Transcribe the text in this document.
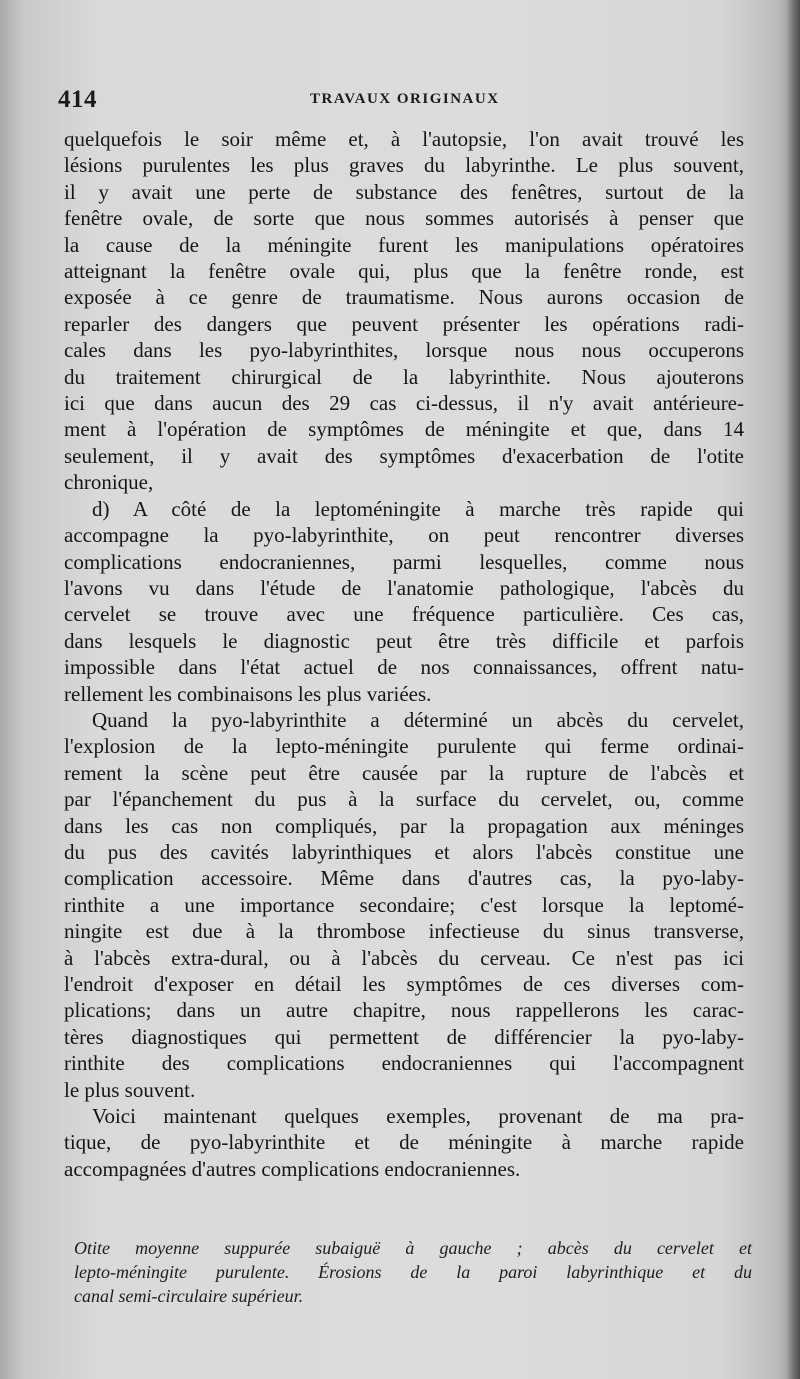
414	TRAVAUX ORIGINAUX

quelquefois le soir même et, à l'autopsie, l'on avait trouvé les
lésions purulentes les plus graves du labyrinthe. Le plus souvent,
il y avait une perte de substance des fenêtres, surtout de la
fenêtre ovale, de sorte que nous sommes autorisés à penser que
la cause de la méningite furent les manipulations opératoires
atteignant la fenêtre ovale qui, plus que la fenêtre ronde, est
exposée à ce genre de traumatisme. Nous aurons occasion de
reparler des dangers que peuvent présenter les opérations radi-
cales dans les pyo-labyrinthites, lorsque nous nous occuperons
du traitement chirurgical de la labyrinthite. Nous ajouterons
ici que dans aucun des 29 cas ci-dessus, il n'y avait antérieure-
ment à l'opération de symptômes de méningite et que, dans 14
seulement, il y avait des symptômes d'exacerbation de l'otite
chronique,

d) A côté de la leptoméningite à marche très rapide qui
accompagne la pyo-labyrinthite, on peut rencontrer diverses
complications endocraniennes, parmi lesquelles, comme nous
l'avons vu dans l'étude de l'anatomie pathologique, l'abcès du
cervelet se trouve avec une fréquence particulière. Ces cas,
dans lesquels le diagnostic peut être très difficile et parfois
impossible dans l'état actuel de nos connaissances, offrent natu-
rellement les combinaisons les plus variées.

Quand la pyo-labyrinthite a déterminé un abcès du cervelet,
l'explosion de la lepto-méningite purulente qui ferme ordinai-
rement la scène peut être causée par la rupture de l'abcès et
par l'épanchement du pus à la surface du cervelet, ou, comme
dans les cas non compliqués, par la propagation aux méninges
du pus des cavités labyrinthiques et alors l'abcès constitue une
complication accessoire. Même dans d'autres cas, la pyo-laby-
rinthite a une importance secondaire; c'est lorsque la leptomé-
ningite est due à la thrombose infectieuse du sinus transverse,
à l'abcès extra-dural, ou à l'abcès du cerveau. Ce n'est pas ici
l'endroit d'exposer en détail les symptômes de ces diverses com-
plications; dans un autre chapitre, nous rappellerons les carac-
tères diagnostiques qui permettent de différencier la pyo-laby-
rinthite des complications endocraniennes qui l'accompagnent
le plus souvent.

Voici maintenant quelques exemples, provenant de ma pra-
tique, de pyo-labyrinthite et de méningite à marche rapide
accompagnées d'autres complications endocraniennes.

Otite moyenne suppurée subaiguë à gauche ; abcès du cervelet et
lepto-méningite purulente. Érosions de la paroi labyrinthique et du
canal semi-circulaire supérieur.
